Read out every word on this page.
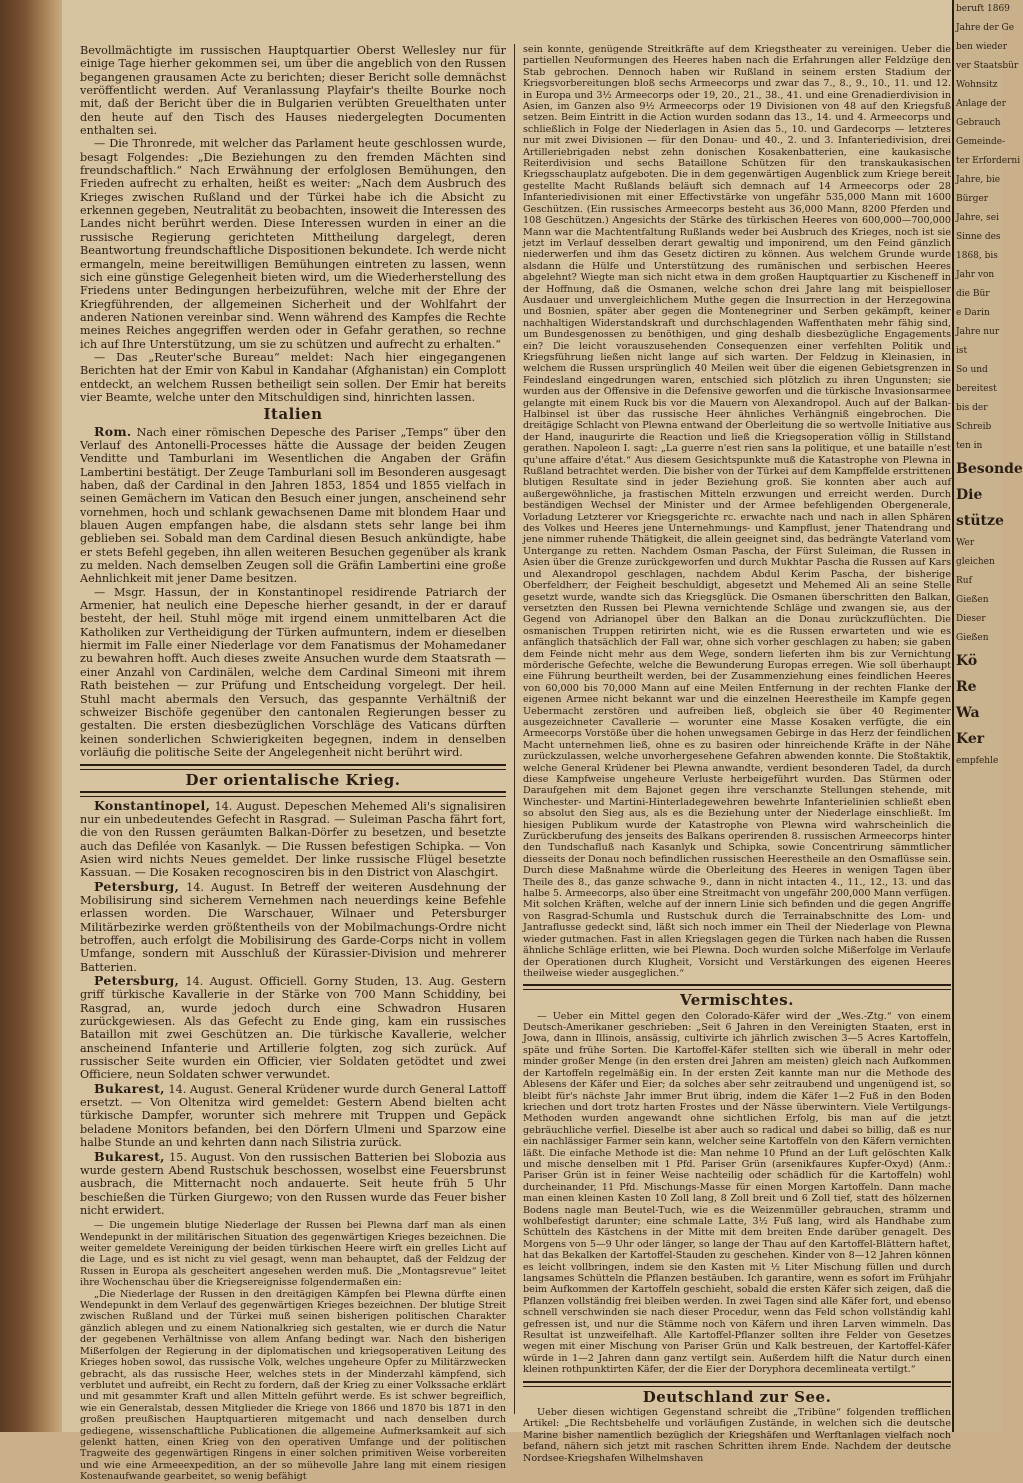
Bevollmächtigte im russischen Hauptquartier Oberst Wellesley nur für einige Tage hierher gekommen sei, um über die angeblich von den Russen begangenen grausamen Acte zu berichten; dieser Bericht solle demnächst veröffentlicht werden. Auf Veranlassung Playfair's theilte Bourke noch mit, daß der Bericht über die in Bulgarien verübten Greuelthaten unter den heute auf den Tisch des Hauses niedergelegten Documenten enthalten sei.

— Die Thronrede, mit welcher das Parlament heute geschlossen wurde, besagt Folgendes: „Die Beziehungen zu den fremden Mächten sind freundschaftlich.“ Nach Erwähnung der erfolglosen Bemühungen, den Frieden aufrecht zu erhalten, heißt es weiter: „Nach dem Ausbruch des Krieges zwischen Rußland und der Türkei habe ich die Absicht zu erkennen gegeben, Neutralität zu beobachten, insoweit die Interessen des Landes nicht berührt werden. Diese Interessen wurden in einer an die russische Regierung gerichteten Mittheilung dargelegt, deren Beantwortung freundschaftliche Dispositionen bekundete. Ich werde nicht ermangeln, meine bereitwilligen Bemühungen eintreten zu lassen, wenn sich eine günstige Gelegenheit bieten wird, um die Wiederherstellung des Friedens unter Bedingungen herbeizuführen, welche mit der Ehre der Kriegführenden, der allgemeinen Sicherheit und der Wohlfahrt der anderen Nationen vereinbar sind. Wenn während des Kampfes die Rechte meines Reiches angegriffen werden oder in Gefahr gerathen, so rechne ich auf Ihre Unterstützung, um sie zu schützen und aufrecht zu erhalten.“

— Das „Reuter'sche Bureau“ meldet: Nach hier eingegangenen Berichten hat der Emir von Kabul in Kandahar (Afghanistan) ein Complott entdeckt, an welchem Russen betheiligt sein sollen. Der Emir hat bereits vier Beamte, welche unter den Mitschuldigen sind, hinrichten lassen.

Italien

Rom. Nach einer römischen Depesche des Pariser „Temps“ über den Verlauf des Antonelli-Processes hätte die Aussage der beiden Zeugen Venditte und Tamburlani im Wesentlichen die Angaben der Gräfin Lambertini bestätigt. Der Zeuge Tamburlani soll im Besonderen ausgesagt haben, daß der Cardinal in den Jahren 1853, 1854 und 1855 vielfach in seinen Gemächern im Vatican den Besuch einer jungen, anscheinend sehr vornehmen, hoch und schlank gewachsenen Dame mit blondem Haar und blauen Augen empfangen habe, die alsdann stets sehr lange bei ihm geblieben sei. Sobald man dem Cardinal diesen Besuch ankündigte, habe er stets Befehl gegeben, ihn allen weiteren Besuchen gegenüber als krank zu melden. Nach demselben Zeugen soll die Gräfin Lambertini eine große Aehnlichkeit mit jener Dame besitzen.

— Msgr. Hassun, der in Konstantinopel residirende Patriarch der Armenier, hat neulich eine Depesche hierher gesandt, in der er darauf besteht, der heil. Stuhl möge mit irgend einem unmittelbaren Act die Katholiken zur Vertheidigung der Türken aufmuntern, indem er dieselben hiermit im Falle einer Niederlage vor dem Fanatismus der Mohamedaner zu bewahren hofft. Auch dieses zweite Ansuchen wurde dem Staatsrath — einer Anzahl von Cardinälen, welche dem Cardinal Simeoni mit ihrem Rath beistehen — zur Prüfung und Entscheidung vorgelegt. Der heil. Stuhl macht abermals den Versuch, das gespannte Verhältniß der schweizer Bischöfe gegenüber den cantonalen Regierungen besser zu gestalten. Die ersten diesbezüglichen Vorschläge des Vaticans dürften keinen sonderlichen Schwierigkeiten begegnen, indem in denselben vorläufig die politische Seite der Angelegenheit nicht berührt wird.

Der orientalische Krieg.

Konstantinopel, 14. August. Depeschen Mehemed Ali's signalisiren nur ein unbedeutendes Gefecht in Rasgrad. — Suleiman Pascha fährt fort, die von den Russen geräumten Balkan-Dörfer zu besetzen, und besetzte auch das Defilée von Kasanlyk. — Die Russen befestigen Schipka. — Von Asien wird nichts Neues gemeldet. Der linke russische Flügel besetzte Kassuan. — Die Kosaken recognosciren bis in den District von Alaschgirt.

Petersburg, 14. August. In Betreff der weiteren Ausdehnung der Mobilisirung sind sicherem Vernehmen nach neuerdings keine Befehle erlassen worden. Die Warschauer, Wilnaer und Petersburger Militärbezirke werden größtentheils von der Mobilmachungs-Ordre nicht betroffen, auch erfolgt die Mobilisirung des Garde-Corps nicht in vollem Umfange, sondern mit Ausschluß der Kürassier-Division und mehrerer Batterien.

Petersburg, 14. August. Officiell. Gorny Studen, 13. Aug. Gestern griff türkische Kavallerie in der Stärke von 700 Mann Schiddiny, bei Rasgrad, an, wurde jedoch durch eine Schwadron Husaren zurückgewiesen. Als das Gefecht zu Ende ging, kam ein russisches Bataillon mit zwei Geschützen an. Die türkische Kavallerie, welcher anscheinend Infanterie und Artillerie folgten, zog sich zurück. Auf russischer Seite wurden ein Officier, vier Soldaten getödtet und zwei Officiere, neun Soldaten schwer verwundet.

Bukarest, 14. August. General Krüdener wurde durch General Lattoff ersetzt. — Von Oltenitza wird gemeldet: Gestern Abend bielten acht türkische Dampfer, worunter sich mehrere mit Truppen und Gepäck beladene Monitors befanden, bei den Dörfern Ulmeni und Sparzow eine halbe Stunde an und kehrten dann nach Silistria zurück.

Bukarest, 15. August. Von den russischen Batterien bei Slobozia aus wurde gestern Abend Rustschuk beschossen, woselbst eine Feuersbrunst ausbrach, die Mitternacht noch andauerte. Seit heute früh 5 Uhr beschießen die Türken Giurgewo; von den Russen wurde das Feuer bisher nicht erwidert.

— Die ungemein blutige Niederlage der Russen bei Plewna darf man als einen Wendepunkt in der militärischen Situation des gegenwärtigen Krieges bezeichnen. Die weiter gemeldete Vereinigung der beiden türkischen Heere wirft ein grelles Licht auf die Lage, und es ist nicht zu viel gesagt, wenn man behauptet, daß der Feldzug der Russen in Europa als gescheitert angesehen werden muß. Die „Montagsrevue“ leitet ihre Wochenschau über die Kriegsereignisse folgendermaßen ein:

„Die Niederlage der Russen in den dreitägigen Kämpfen bei Plewna dürfte einen Wendepunkt in dem Verlauf des gegenwärtigen Krieges bezeichnen. Der blutige Streit zwischen Rußland und der Türkei muß seinen bisherigen politischen Charakter gänzlich ablegen und zu einem Nationalkrieg sich gestalten, wie er durch die Natur der gegebenen Verhältnisse von allem Anfang bedingt war. Nach den bisherigen Mißerfolgen der Regierung in der diplomatischen und kriegsoperativen Leitung des Krieges hoben sowol, das russische Volk, welches ungeheure Opfer zu Militärzwecken gebracht, als das russische Heer, welches stets in der Minderzahl kämpfend, sich verblutet und aufreibt, ein Recht zu fordern, daß der Krieg zu einer Volkssache erklärt und mit gesammter Kraft und allen Mitteln geführt werde. Es ist schwer begreiflich, wie ein Generalstab, dessen Mitglieder die Kriege von 1866 und 1870 bis 1871 in den großen preußischen Hauptquartieren mitgemacht und nach denselben durch gediegene, wissenschaftliche Publicationen die allgemeine Aufmerksamkeit auf sich gelenkt hatten, einen Krieg von den operativen Umfange und der politischen Tragweite des gegenwärtigen Ringens in einer solchen primitiven Weise vorbereiten und wie eine Armeeexpedition, an der so mühevolle Jahre lang mit einem riesigen Kostenaufwande gearbeitet, so wenig befähigt

sein konnte, genügende Streitkräfte auf dem Kriegstheater zu vereinigen. Ueber die partiellen Neuformungen des Heeres haben nach die Erfahrungen aller Feldzüge den Stab gebrochen. Dennoch haben wir Rußland in seinem ersten Stadium der Kriegsvorbereitungen bloß sechs Armeecorps und zwar das 7., 8., 9., 10., 11. und 12. in Europa und 3½ Armeecorps oder 19, 20., 21., 38., 41. und eine Grenadierdivision in Asien, im Ganzen also 9½ Armeecorps oder 19 Divisionen von 48 auf den Kriegsfuß setzen. Beim Eintritt in die Action wurden sodann das 13., 14. und 4. Armeecorps und schließlich in Folge der Niederlagen in Asien das 5., 10. und Gardecorps — letzteres nur mit zwei Divisionen — für den Donau- und 40., 2. und 3. Infanteriedivision, drei Artilleriebrigaden nebst zehn donischen Kosakenbatterien, eine kaukasische Reiterdivision und sechs Bataillone Schützen für den transkaukasischen Kriegsschauplatz aufgeboten. Die in dem gegenwärtigen Augenblick zum Kriege bereit gestellte Macht Rußlands beläuft sich demnach auf 14 Armeecorps oder 28 Infanteriedivisionen mit einer Effectivstärke von ungefähr 535,000 Mann mit 1600 Geschützen. (Ein russisches Armeecorps besteht aus 36,000 Mann, 8200 Pferden und 108 Geschützen.) Angesichts der Stärke des türkischen Heeres von 600,000—700,000 Mann war die Machtentfaltung Rußlands weder bei Ausbruch des Krieges, noch ist sie jetzt im Verlauf desselben derart gewaltig und imponirend, um den Feind gänzlich niederwerfen und ihm das Gesetz dictiren zu können. Aus welchem Grunde wurde alsdann die Hülfe und Unterstützung des rumänischen und serbischen Heeres abgelehnt? Wiegte man sich nicht etwa in dem großen Hauptquartier zu Kischeneff in der Hoffnung, daß die Osmanen, welche schon drei Jahre lang mit beispielloser Ausdauer und unvergleichlichem Muthe gegen die Insurrection in der Herzegowina und Bosnien, später aber gegen die Montenegriner und Serben gekämpft, keiner nachhaltigen Widerstandskraft und durchschlagenden Waffenthaten mehr fähig sind, um Bundesgenossen zu benöthigen, und ging deshalb diesbezügliche Engagements ein? Die leicht vorauszusehenden Consequenzen einer verfehlten Politik und Kriegsführung ließen nicht lange auf sich warten. Der Feldzug in Kleinasien, in welchem die Russen ursprünglich 40 Meilen weit über die eigenen Gebietsgrenzen in Feindesland eingedrungen waren, entschied sich plötzlich zu ihren Ungunsten; sie wurden aus der Offensive in die Defensive geworfen und die türkische Invasionsarmee gelangte mit einem Ruck bis vor die Mauern von Alexandropol. Auch auf der Balkan-Halbinsel ist über das russische Heer ähnliches Verhängniß eingebrochen. Die dreitägige Schlacht von Plewna entwand der Oberleitung die so wertvolle Initiative aus der Hand, inaugurirte die Reaction und ließ die Kriegsoperation völlig in Stillstand gerathen. Napoleon I. sagt: „La guerre n'est rien sans la politique, et une bataille n'est qu'une affaire d'état.“ Aus diesem Gesichtspunkte muß die Katastrophe von Plewna in Rußland betrachtet werden. Die bisher von der Türkei auf dem Kampffelde erstrittenen blutigen Resultate sind in jeder Beziehung groß. Sie konnten aber auch auf außergewöhnliche, ja frastischen Mitteln erzwungen und erreicht werden. Durch beständigen Wechsel der Minister und der Armee befehligenden Obergenerale, Vorladung Letzterer vor Kriegsgerichte rc. erwachte nach und nach in allen Sphären des Volkes und Heeres jene Unternehmungs- und Kampflust, jener Thatendrang und jene nimmer ruhende Thätigkeit, die allein geeignet sind, das bedrängte Vaterland vom Untergange zu retten. Nachdem Osman Pascha, der Fürst Suleiman, die Russen in Asien über die Grenze zurückgeworfen und durch Mukhtar Pascha die Russen auf Kars und Alexandropol geschlagen, nachdem Abdul Kerim Pascha, der bisherige Oberfeldherr, der Feigheit beschuldigt, abgesetzt und Mehemed Ali an seine Stelle gesetzt wurde, wandte sich das Kriegsglück. Die Osmanen überschritten den Balkan, versetzten den Russen bei Plewna vernichtende Schläge und zwangen sie, aus der Gegend von Adrianopel über den Balkan an die Donau zurückzuflüchten. Die osmanischen Truppen retirirten nicht, wie es die Russen erwarteten und wie es anfänglich thatsächlich der Fall war, ohne sich vorher geschlagen zu haben; sie gaben dem Feinde nicht mehr aus dem Wege, sondern lieferten ihm bis zur Vernichtung mörderische Gefechte, welche die Bewunderung Europas erregen. Wie soll überhaupt eine Führung beurtheilt werden, bei der Zusammenziehung eines feindlichen Heeres von 60,000 bis 70,000 Mann auf eine Meilen Entfernung in der rechten Flanke der eigenen Armee nicht bekannt war und die einzelnen Heerestheile im Kampfe gegen Uebermacht zerstören und aufreiben ließ, obgleich sie über 40 Regimenter ausgezeichneter Cavallerie — worunter eine Masse Kosaken verfügte, die ein Armeecorps Vorstöße über die hohen unwegsamen Gebirge in das Herz der feindlichen Macht unternehmen ließ, ohne es zu basiren oder hinreichende Kräfte in der Nähe zurückzulassen, welche unvorhergesehene Gefahren abwenden konnte. Die Stoßtaktik, welche General Krüdener bei Plewna anwandte, verdient besonderen Tadel, da durch diese Kampfweise ungeheure Verluste herbeigeführt wurden. Das Stürmen oder Daraufgehen mit dem Bajonet gegen ihre verschanzte Stellungen stehende, mit Winchester- und Martini-Hinterladegewehren bewehrte Infanterielinien schließt eben so absolut den Sieg aus, als es die Beziehung unter der Niederlage einschließt. Im hiesigen Publikum wurde der Katastrophe von Plewna wird wahrscheinlich die Zurückberufung des jenseits des Balkans operirenden 8. russischen Armeecorps hinter den Tundschafluß nach Kasanlyk und Schipka, sowie Concentrirung sämmtlicher diesseits der Donau noch befindlichen russischen Heerestheile an den Osmaflüsse sein. Durch diese Maßnahme würde die Oberleitung des Heeres in wenigen Tagen über Theile des 8., das ganze schwache 9., dann in nicht intacten 4., 11., 12., 13. und das halbe 5. Armeecorps, also über eine Streitmacht von ungefähr 200,000 Mann verfügen. Mit solchen Kräften, welche auf der innern Linie sich befinden und die gegen Angriffe von Rasgrad-Schumla und Rustschuk durch die Terrainabschnitte des Lom- und Jantraflusse gedeckt sind, läßt sich noch immer ein Theil der Niederlage von Plewna wieder gutmachen. Fast in allen Kriegslagen gegen die Türken nach haben die Russen ähnliche Schläge erlitten, wie bei Plewna. Doch wurden solche Mißerfolge im Verlaufe der Operationen durch Klugheit, Vorsicht und Verstärkungen des eigenen Heeres theilweise wieder ausgeglichen.“

Vermischtes.

— Ueber ein Mittel gegen den Colorado-Käfer wird der „Wes.-Ztg.“ von einem Deutsch-Amerikaner geschrieben: „Seit 6 Jahren in den Vereinigten Staaten, erst in Jowa, dann in Illinois, ansässig, cultivirte ich jährlich zwischen 3—5 Acres Kartoffeln, späte und frühe Sorten. Die Kartoffel-Käfer stellten sich wie überall in mehr oder minder großer Menge (in den ersten drei Jahren am meisten) gleich nach Aufkommen der Kartoffeln regelmäßig ein. In der ersten Zeit kannte man nur die Methode des Ablesens der Käfer und Eier; da solches aber sehr zeitraubend und ungenügend ist, so bleibt für's nächste Jahr immer Brut übrig, indem die Käfer 1—2 Fuß in den Boden kriechen und dort trotz harten Frostes und der Nässe überwintern. Viele Vertilgungs-Methoden wurden angewandt ohne sichtlichen Erfolg, bis man auf die jetzt gebräuchliche verfiel. Dieselbe ist aber auch so radical und dabei so billig, daß es nur ein nachlässiger Farmer sein kann, welcher seine Kartoffeln von den Käfern vernichten läßt. Die einfache Methode ist die: Man nehme 10 Pfund an der Luft gelöschten Kalk und mische denselben mit 1 Pfd. Pariser Grün (arsenikfaures Kupfer-Oxyd) (Anm.: Pariser Grün ist in feiner Weise nachteilig oder schädlich für die Kartoffeln) wohl durcheinander, 11 Pfd. Mischungs-Masse für einen Morgen Kartoffeln. Dann mache man einen kleinen Kasten 10 Zoll lang, 8 Zoll breit und 6 Zoll tief, statt des hölzernen Bodens nagle man Beutel-Tuch, wie es die Weizenmüller gebrauchen, stramm und wohlbefestigt darunter; eine schmale Latte, 3½ Fuß lang, wird als Handhabe zum Schütteln des Kästchens in der Mitte mit dem breiten Ende darüber genagelt. Des Morgens von 5—9 Uhr oder länger, so lange der Thau auf den Kartoffel-Blättern haftet, hat das Bekalken der Kartoffel-Stauden zu geschehen. Kinder von 8—12 Jahren können es leicht vollbringen, indem sie den Kasten mit ½ Liter Mischung füllen und durch langsames Schütteln die Pflanzen bestäuben. Ich garantire, wenn es sofort im Frühjahr beim Aufkommen der Kartoffeln geschieht, sobald die ersten Käfer sich zeigen, daß die Pflanzen vollständig frei bleiben werden. In zwei Tagen sind alle Käfer fort, und ebenso schnell verschwinden sie nach dieser Procedur, wenn das Feld schon vollständig kahl gefressen ist, und nur die Stämme noch von Käfern und ihren Larven wimmeln. Das Resultat ist unzweifelhaft. Alle Kartoffel-Pflanzer sollten ihre Felder von Gesetzes wegen mit einer Mischung von Pariser Grün und Kalk bestreuen, der Kartoffel-Käfer würde in 1—2 Jahren dann ganz vertilgt sein. Außerdem hilft die Natur durch einen kleinen rothpunktirten Käfer, der die Eier der Doryphora decemlineata vertilgt.“

Deutschland zur See.

Ueber diesen wichtigen Gegenstand schreibt die „Tribüne“ folgenden trefflichen Artikel: „Die Rechtsbehelfe und vorläufigen Zustände, in welchen sich die deutsche Marine bisher namentlich bezüglich der Kriegshäfen und Werftanlagen vielfach noch befand, nähern sich jetzt mit raschen Schritten ihrem Ende. Nachdem der deutsche Nordsee-Kriegshafen Wilhelmshaven

beruft 1869
Jahre der Ge
ben wieder
ver Staatsbür
Wohnsitz
Anlage der
Gebrauch
Gemeinde-
ter Erforderni
Jahre, bie
Bürger
Jahre, sei
Sinne des
1868, bis
Jahr von
die Bür
e Darin
Jahre nur
ist
So und
bereitest
bis der
Schreib
ten in
Besonde
Die
stütze
Wer
gleichen
Ruf
Gießen
Dieser
Gießen
Kö
Re
Wa
Ker
empfehle
